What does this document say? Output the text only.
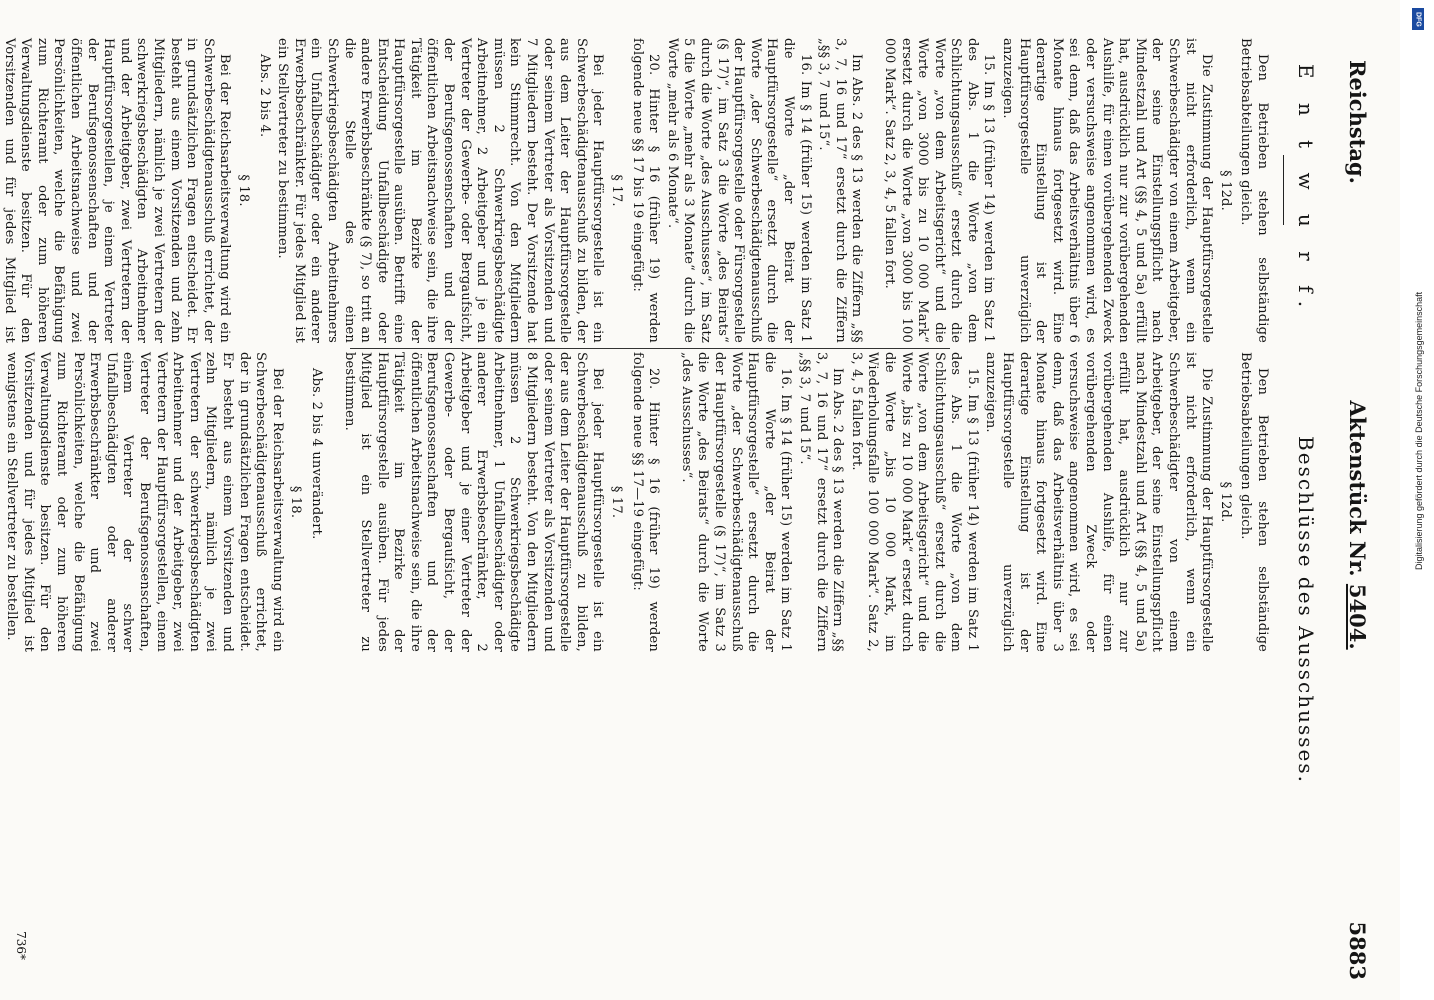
Reichstag.
Aktenstück Nr. 5404.
5883
E n t w u r f.
Beschlüsse des Ausschusses.

Den Betrieben stehen selbständige Betriebsabteilungen gleich.

§ 12d.

Die Zustimmung der Hauptfürsorgestelle ist nicht erforderlich, wenn ein Schwerbeschädigter von einem Arbeitgeber, der seine Einstellungspflicht nach Mindestzahl und Art (§§ 4, 5 und 5a) erfüllt hat, ausdrücklich nur zur vorübergehenden Aushilfe, für einen vorübergehenden Zweck oder versuchsweise angenommen wird, es sei denn, daß das Arbeitsverhältnis über 6 Monate hinaus fortgesetzt wird. Eine derartige Einstellung ist der Hauptfürsorgestelle unverzüglich anzuzeigen.

15. Im § 13 (früher 14) werden im Satz 1 des Abs. 1 die Worte „von dem Schlichtungsausschuß“ ersetzt durch die Worte „von dem Arbeitsgericht“ und die Worte „von 3000 bis zu 10 000 Mark“ ersetzt durch die Worte „von 3000 bis 100 000 Mark“. Satz 2, 3, 4, 5 fallen fort.

Im Abs. 2 des § 13 werden die Ziffern „§§ 3, 7, 16 und 17“ ersetzt durch die Ziffern „§§ 3, 7 und 15“.

16. Im § 14 (früher 15) werden im Satz 1 die Worte „der Beirat der Hauptfürsorgestelle“ ersetzt durch die Worte „der Schwerbeschädigtenausschuß der Hauptfürsorgestelle oder Fürsorgestelle (§ 17)“, im Satz 3 die Worte „des Beirats“ durch die Worte „des Ausschusses“, im Satz 5 die Worte „mehr als 3 Monate“ durch die Worte „mehr als 6 Monate“.

20. Hinter § 16 (früher 19) werden folgende neue §§ 17 bis 19 eingefügt:

§ 17.

Bei jeder Hauptfürsorgestelle ist ein Schwerbeschädigtenausschuß zu bilden, der aus dem Leiter der Hauptfürsorgestelle oder seinem Vertreter als Vorsitzenden und 7 Mitgliedern besteht. Der Vorsitzende hat kein Stimmrecht. Von den Mitgliedern müssen 2 Schwerkriegsbeschädigte Arbeitnehmer, 2 Arbeitgeber und je ein Vertreter der Gewerbe- oder Bergaufsicht, der Berufsgenossenschaften und der öffentlichen Arbeitsnachweise sein, die ihre Tätigkeit im Bezirke der Hauptfürsorgestelle ausüben. Betrifft eine Entscheidung Unfallbeschädigte oder andere Erwerbsbeschränkte (§ 7), so tritt an die Stelle des einen Schwerkriegsbeschädigten Arbeitnehmers ein Unfallbeschädigter oder ein anderer Erwerbsbeschränkter. Für jedes Mitglied ist ein Stellvertreter zu bestimmen.

Abs. 2 bis 4.

§ 18.

Bei der Reichsarbeitsverwaltung wird ein Schwerbeschädigtenausschuß errichtet, der in grundsätzlichen Fragen entscheidet. Er besteht aus einem Vorsitzenden und zehn Mitgliedern, nämlich je zwei Vertretern der schwerkriegsbeschädigten Arbeitnehmer und der Arbeitgeber, zwei Vertretern der Hauptfürsorgestellen, je einem Vertreter der Berufsgenossenschaften und der öffentlichen Arbeitsnachweise und zwei Persönlichkeiten, welche die Befähigung zum Richteramt oder zum höheren Verwaltungsdienste besitzen. Für den Vorsitzenden und für jedes Mitglied ist

Den Betrieben stehen selbständige Betriebsabteilungen gleich.

§ 12d.

Die Zustimmung der Hauptfürsorgestelle ist nicht erforderlich, wenn ein Schwerbeschädigter von einem Arbeitgeber, der seine Einstellungspflicht nach Mindestzahl und Art (§§ 4, 5 und 5a) erfüllt hat, ausdrücklich nur zur vorübergehenden Aushilfe, für einen vorübergehenden Zweck oder versuchsweise angenommen wird, es sei denn, daß das Arbeitsverhältnis über 3 Monate hinaus fortgesetzt wird. Eine derartige Einstellung ist der Hauptfürsorgestelle unverzüglich anzuzeigen.

15. Im § 13 (früher 14) werden im Satz 1 des Abs. 1 die Worte „von dem Schlichtungsausschuß“ ersetzt durch die Worte „von dem Arbeitsgericht“ und die Worte „bis zu 10 000 Mark“ ersetzt durch die Worte „bis 10 000 Mark, im Wiederholungsfalle 100 000 Mark“. Satz 2, 3, 4, 5 fallen fort.

Im Abs. 2 des § 13 werden die Ziffern „§§ 3, 7, 16 und 17“ ersetzt durch die Ziffern „§§ 3, 7 und 15“.

16. Im § 14 (früher 15) werden im Satz 1 die Worte „der Beirat der Hauptfürsorgestelle“ ersetzt durch die Worte „der Schwerbeschädigtenausschuß der Hauptfürsorgestelle (§ 17)“, im Satz 3 die Worte „des Beirats“ durch die Worte „des Ausschusses“.

20. Hinter § 16 (früher 19) werden folgende neue §§ 17—19 eingefügt:

§ 17.

Bei jeder Hauptfürsorgestelle ist ein Schwerbeschädigtenausschuß zu bilden, der aus dem Leiter der Hauptfürsorgestelle oder seinem Vertreter als Vorsitzenden und 8 Mitgliedern besteht. Von den Mitgliedern müssen 2 Schwerkriegsbeschädigte Arbeitnehmer, 1 Unfallbeschädigter oder anderer Erwerbsbeschränkter, 2 Arbeitgeber und je einer Vertreter der Gewerbe- oder Bergaufsicht, der Berufsgenossenschaften und der öffentlichen Arbeitsnachweise sein, die ihre Tätigkeit im Bezirke der Hauptfürsorgestelle ausüben. Für jedes Mitglied ist ein Stellvertreter zu bestimmen.

Abs. 2 bis 4 unverändert.

§ 18.

Bei der Reichsarbeitsverwaltung wird ein Schwerbeschädigtenausschuß errichtet, der in grundsätzlichen Fragen entscheidet. Er besteht aus einem Vorsitzenden und zehn Mitgliedern, nämlich je zwei Vertretern der schwerkriegsbeschädigten Arbeitnehmer und der Arbeitgeber, zwei Vertretern der Hauptfürsorgestellen, einem Vertreter der Berufsgenossenschaften, einem Vertreter der schwer Unfallbeschädigten oder anderer Erwerbsbeschränkter und zwei Persönlichkeiten, welche die Befähigung zum Richteramt oder zum höheren Verwaltungsdienste besitzen. Für den Vorsitzenden und für jedes Mitglied ist wenigstens ein Stellvertreter zu bestellen.

736*
DFG
Digitalisierung gefördert durch die Deutsche Forschungsgemeinschaft
